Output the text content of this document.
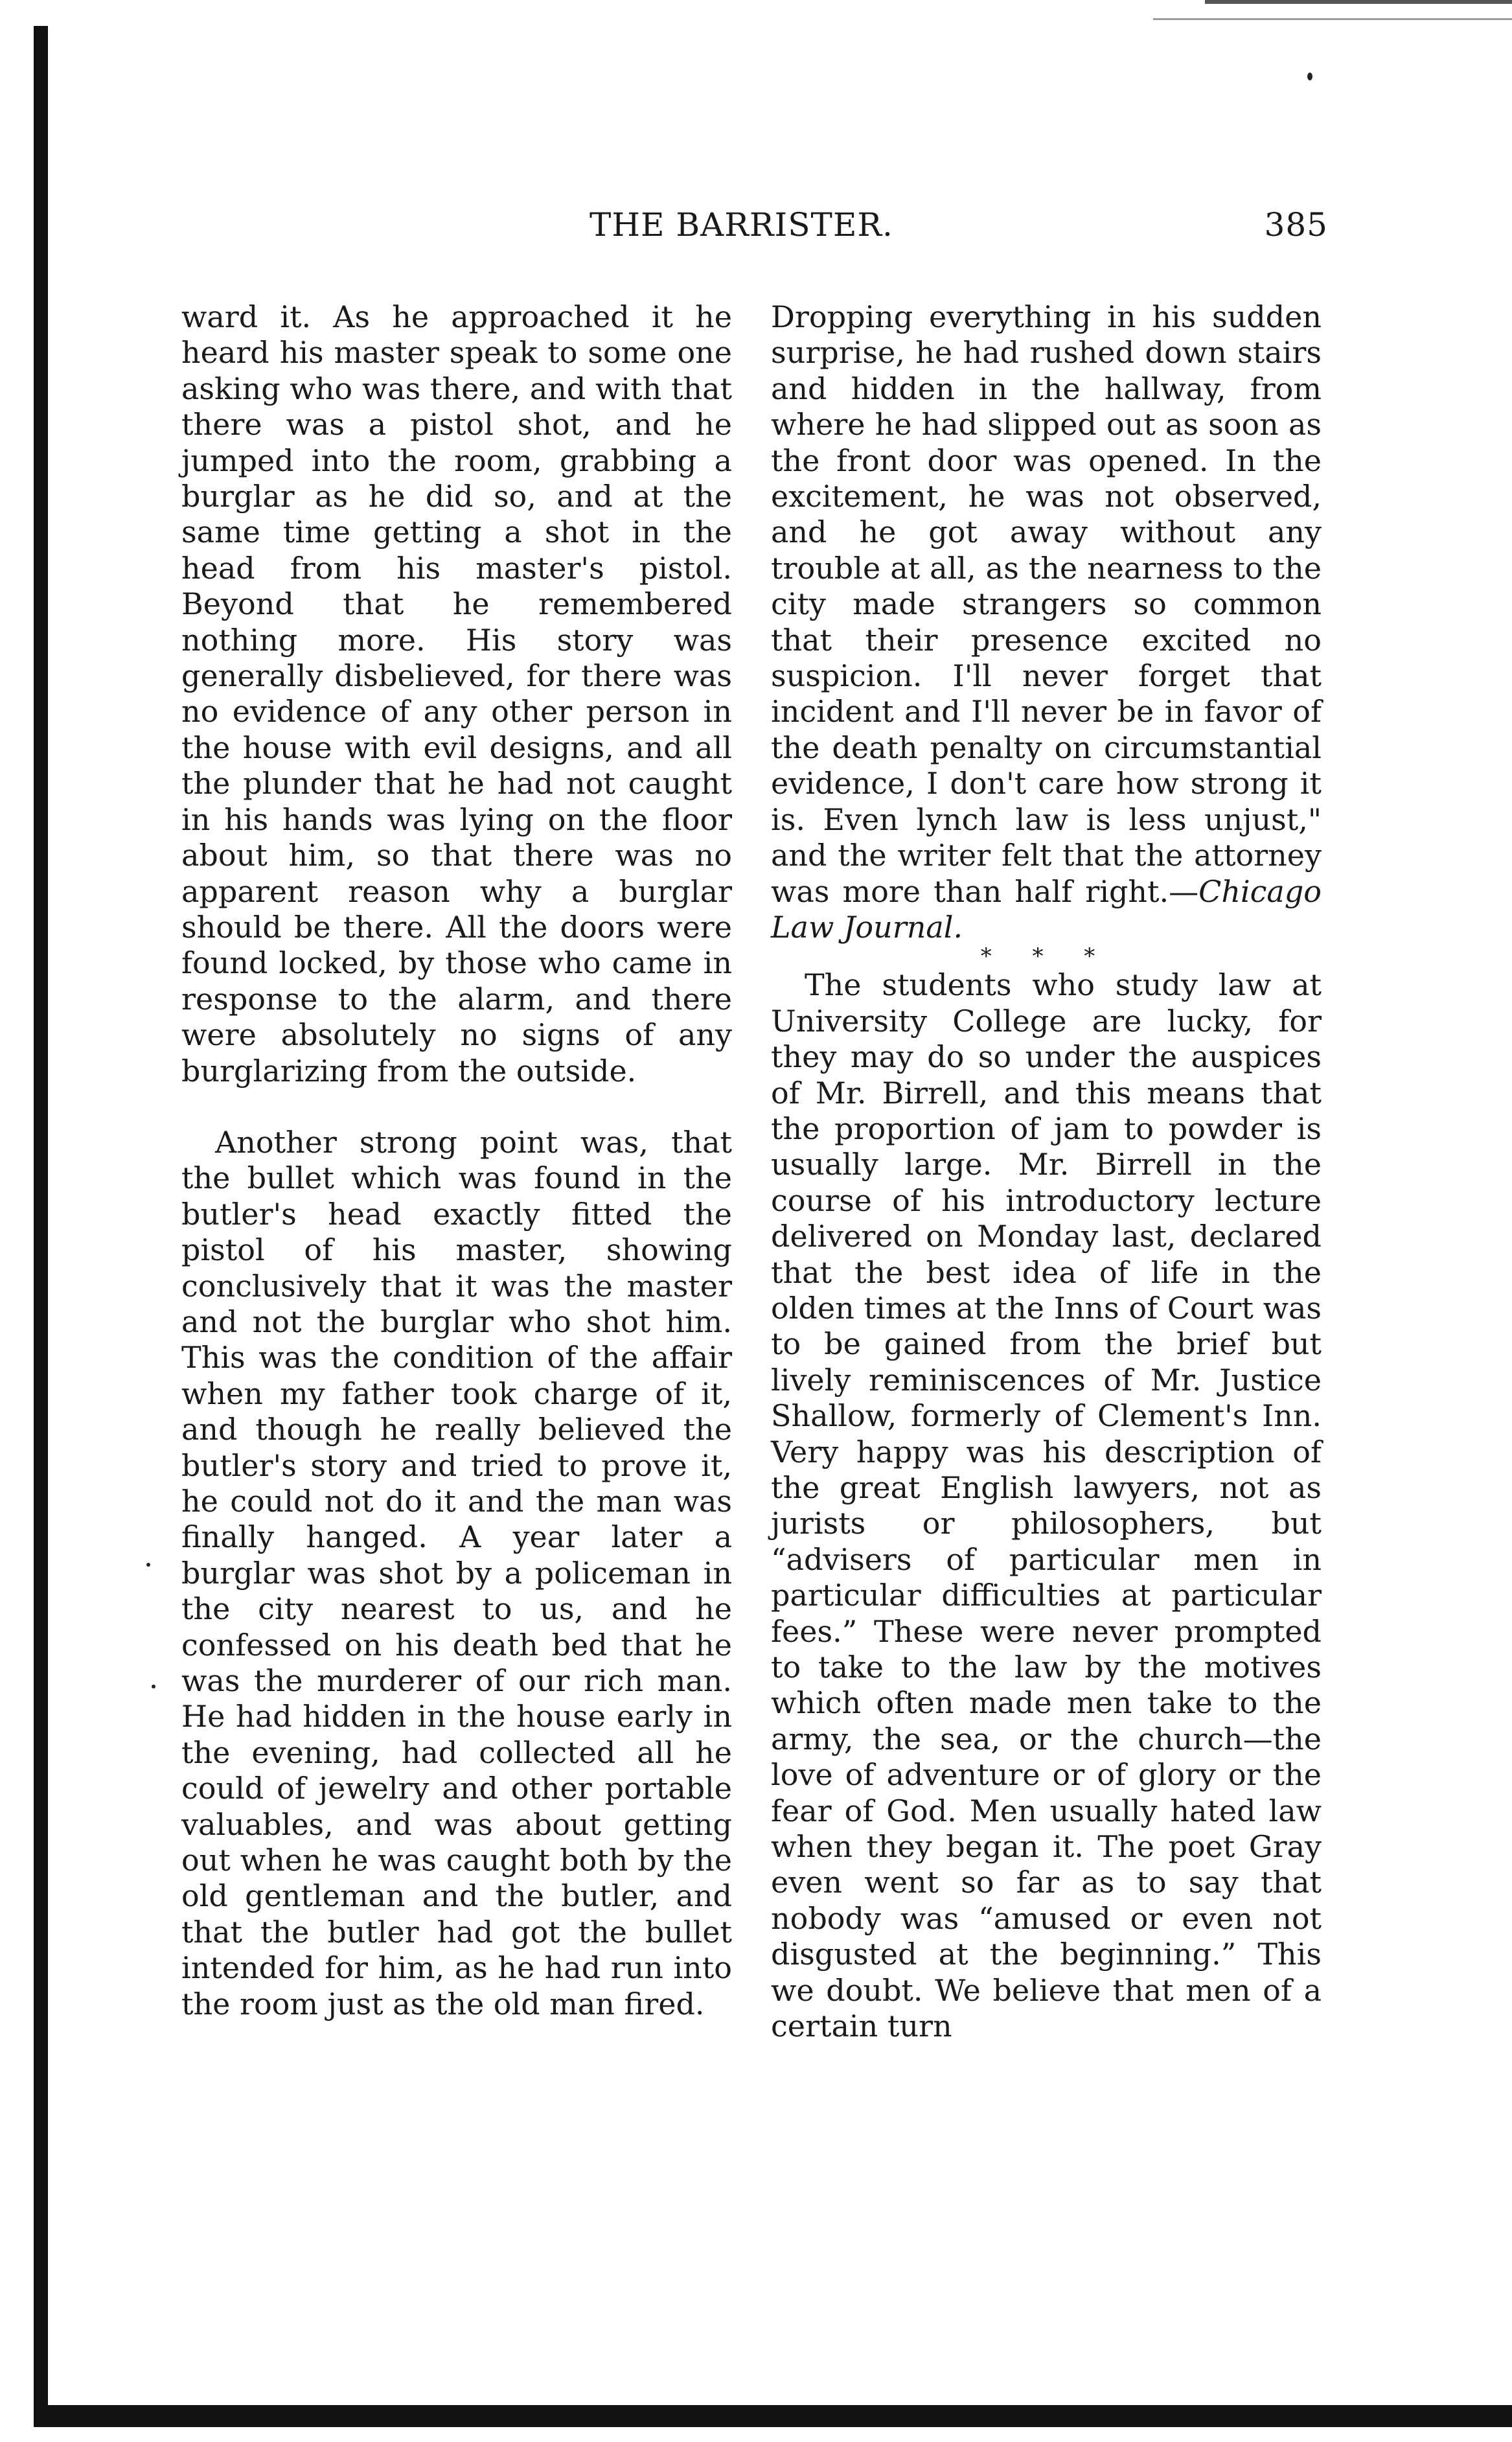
THE BARRISTER.	385

ward it. As he approached it he heard his master speak to some one asking who was there, and with that there was a pistol shot, and he jumped into the room, grabbing a burglar as he did so, and at the same time getting a shot in the head from his master's pistol. Beyond that he remembered nothing more. His story was generally disbelieved, for there was no evidence of any other person in the house with evil designs, and all the plunder that he had not caught in his hands was lying on the floor about him, so that there was no apparent reason why a burglar should be there. All the doors were found locked, by those who came in response to the alarm, and there were absolutely no signs of any burglarizing from the outside.

Another strong point was, that the bullet which was found in the butler's head exactly fitted the pistol of his master, showing conclusively that it was the master and not the burglar who shot him. This was the condition of the affair when my father took charge of it, and though he really believed the butler's story and tried to prove it, he could not do it and the man was finally hanged. A year later a burglar was shot by a policeman in the city nearest to us, and he confessed on his death bed that he was the murderer of our rich man. He had hidden in the house early in the evening, had collected all he could of jewelry and other portable valuables, and was about getting out when he was caught both by the old gentleman and the butler, and that the butler had got the bullet intended for him, as he had run into the room just as the old man fired.

Dropping everything in his sudden surprise, he had rushed down stairs and hidden in the hallway, from where he had slipped out as soon as the front door was opened. In the excitement, he was not observed, and he got away without any trouble at all, as the nearness to the city made strangers so common that their presence excited no suspicion. I'll never forget that incident and I'll never be in favor of the death penalty on circumstantial evidence, I don't care how strong it is. Even lynch law is less unjust," and the writer felt that the attorney was more than half right.—Chicago Law Journal.

* * *

The students who study law at University College are lucky, for they may do so under the auspices of Mr. Birrell, and this means that the proportion of jam to powder is usually large. Mr. Birrell in the course of his introductory lecture delivered on Monday last, declared that the best idea of life in the olden times at the Inns of Court was to be gained from the brief but lively reminiscences of Mr. Justice Shallow, formerly of Clement's Inn. Very happy was his description of the great English lawyers, not as jurists or philosophers, but “advisers of particular men in particular difficulties at particular fees.” These were never prompted to take to the law by the motives which often made men take to the army, the sea, or the church—the love of adventure or of glory or the fear of God. Men usually hated law when they began it. The poet Gray even went so far as to say that nobody was “amused or even not disgusted at the beginning.” This we doubt. We believe that men of a certain turn
